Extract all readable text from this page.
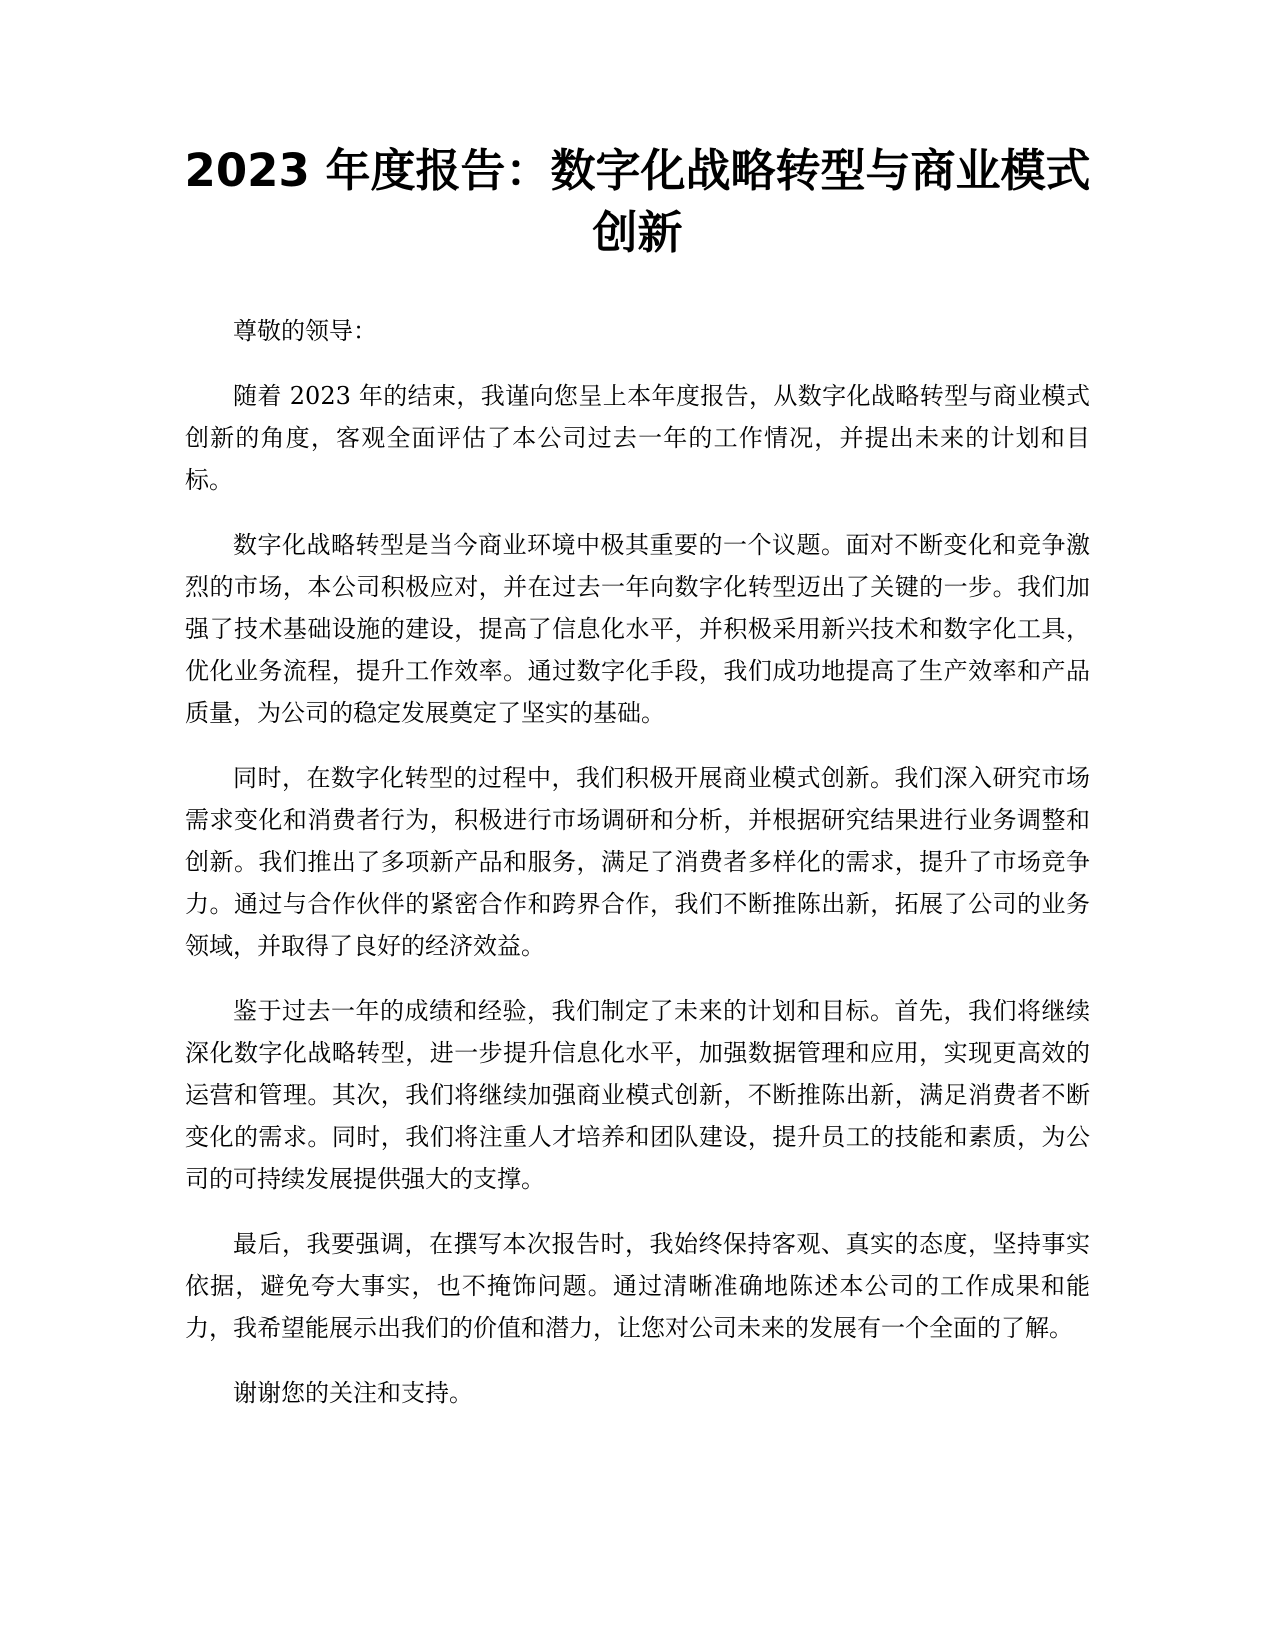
2023 年度报告：数字化战略转型与商业模式
创新

尊敬的领导：

随着 2023 年的结束，我谨向您呈上本年度报告，从数字化战略转型与商业模式创新的角度，客观全面评估了本公司过去一年的工作情况，并提出未来的计划和目标。

数字化战略转型是当今商业环境中极其重要的一个议题。面对不断变化和竞争激烈的市场，本公司积极应对，并在过去一年向数字化转型迈出了关键的一步。我们加强了技术基础设施的建设，提高了信息化水平，并积极采用新兴技术和数字化工具，优化业务流程，提升工作效率。通过数字化手段，我们成功地提高了生产效率和产品质量，为公司的稳定发展奠定了坚实的基础。

同时，在数字化转型的过程中，我们积极开展商业模式创新。我们深入研究市场需求变化和消费者行为，积极进行市场调研和分析，并根据研究结果进行业务调整和创新。我们推出了多项新产品和服务，满足了消费者多样化的需求，提升了市场竞争力。通过与合作伙伴的紧密合作和跨界合作，我们不断推陈出新，拓展了公司的业务领域，并取得了良好的经济效益。

鉴于过去一年的成绩和经验，我们制定了未来的计划和目标。首先，我们将继续深化数字化战略转型，进一步提升信息化水平，加强数据管理和应用，实现更高效的运营和管理。其次，我们将继续加强商业模式创新，不断推陈出新，满足消费者不断变化的需求。同时，我们将注重人才培养和团队建设，提升员工的技能和素质，为公司的可持续发展提供强大的支撑。

最后，我要强调，在撰写本次报告时，我始终保持客观、真实的态度，坚持事实依据，避免夸大事实，也不掩饰问题。通过清晰准确地陈述本公司的工作成果和能力，我希望能展示出我们的价值和潜力，让您对公司未来的发展有一个全面的了解。

谢谢您的关注和支持。
